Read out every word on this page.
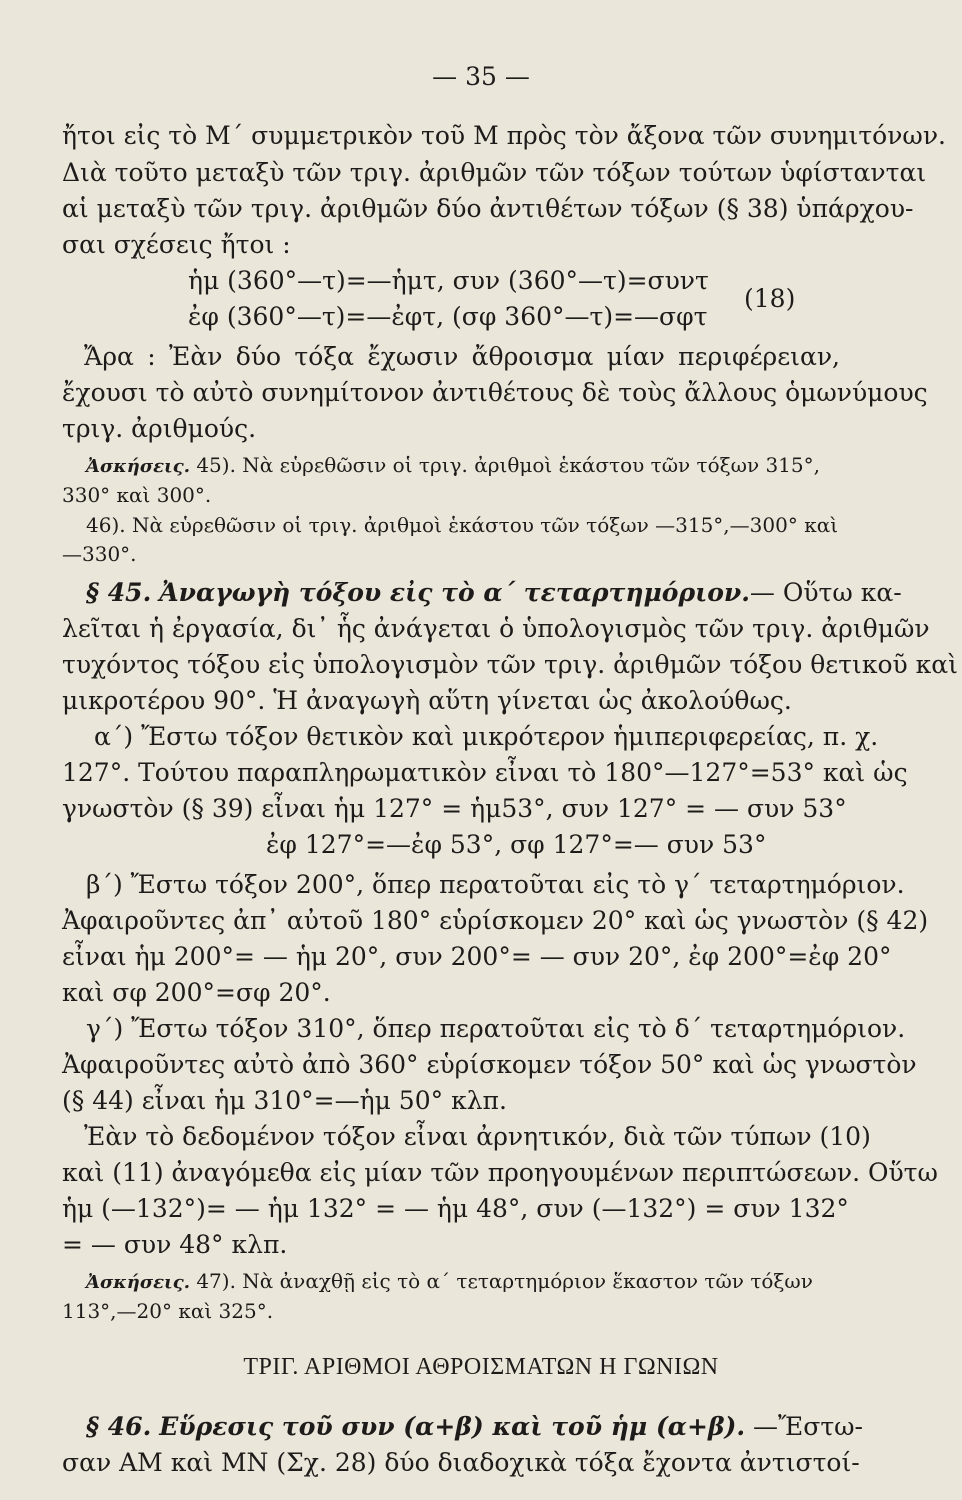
— 35 —
ἤτοι εἰς τὸ Μ΄ συμμετρικὸν τοῦ Μ πρὸς τὸν ἄξονα τῶν συνημιτόνων.
Διὰ τοῦτο μεταξὺ τῶν τριγ. ἀριθμῶν τῶν τόξων τούτων ὑφίστανται
αἱ μεταξὺ τῶν τριγ. ἀριθμῶν δύο ἀντιθέτων τόξων (§ 38) ὑπάρχου-
σαι σχέσεις ἤτοι :
ἡμ (360°—τ)=—ἡμτ, συν (360°—τ)=συντ
ἐφ (360°—τ)=—ἐφτ, (σφ 360°—τ)=—σφτ
(18)
Ἄρα : Ἐὰν δύο τόξα ἔχωσιν ἄθροισμα μίαν περιφέρειαν,
ἔχουσι τὸ αὐτὸ συνημίτονον ἀντιθέτους δὲ τοὺς ἄλλους ὁμωνύμους
τριγ. ἀριθμούς.
Ἀσκήσεις. 45). Νὰ εὑρεθῶσιν οἱ τριγ. ἀριθμοὶ ἑκάστου τῶν τόξων 315°,
330° καὶ 300°.
46). Νὰ εὑρεθῶσιν οἱ τριγ. ἀριθμοὶ ἑκάστου τῶν τόξων —315°,—300° καὶ
—330°.
§ 45. Ἀναγωγὴ τόξου εἰς τὸ α΄ τεταρτημόριον.— Οὕτω κα-
λεῖται ἡ ἐργασία, δι᾿ ἧς ἀνάγεται ὁ ὑπολογισμὸς τῶν τριγ. ἀριθμῶν
τυχόντος τόξου εἰς ὑπολογισμὸν τῶν τριγ. ἀριθμῶν τόξου θετικοῦ καὶ
μικροτέρου 90°. Ἡ ἀναγωγὴ αὕτη γίνεται ὡς ἀκολούθως.
α΄) Ἔστω τόξον θετικὸν καὶ μικρότερον ἡμιπεριφερείας, π. χ.
127°. Τούτου παραπληρωματικὸν εἶναι τὸ 180°—127°=53° καὶ ὡς
γνωστὸν (§ 39) εἶναι ἡμ 127° = ἡμ53°, συν 127° = — συν 53°
ἐφ 127°=—ἐφ 53°, σφ 127°=— συν 53°
β΄) Ἔστω τόξον 200°, ὅπερ περατοῦται εἰς τὸ γ΄ τεταρτημόριον.
Ἀφαιροῦντες ἀπ᾿ αὐτοῦ 180° εὑρίσκομεν 20° καὶ ὡς γνωστὸν (§ 42)
εἶναι ἡμ 200°= — ἡμ 20°, συν 200°= — συν 20°, ἐφ 200°=ἐφ 20°
καὶ σφ 200°=σφ 20°.
γ΄) Ἔστω τόξον 310°, ὅπερ περατοῦται εἰς τὸ δ΄ τεταρτημόριον.
Ἀφαιροῦντες αὐτὸ ἀπὸ 360° εὑρίσκομεν τόξον 50° καὶ ὡς γνωστὸν
(§ 44) εἶναι ἡμ 310°=—ἡμ 50° κλπ.
Ἐὰν τὸ δεδομένον τόξον εἶναι ἀρνητικόν, διὰ τῶν τύπων (10)
καὶ (11) ἀναγόμεθα εἰς μίαν τῶν προηγουμένων περιπτώσεων. Οὕτω
ἡμ (—132°)= — ἡμ 132° = — ἡμ 48°, συν (—132°) = συν 132°
= — συν 48° κλπ.
Ἀσκήσεις. 47). Νὰ ἀναχθῇ εἰς τὸ α΄ τεταρτημόριον ἕκαστον τῶν τόξων
113°,—20° καὶ 325°.
ΤΡΙΓ. ΑΡΙΘΜΟΙ ΑΘΡΟΙΣΜΑΤΩΝ Η ΓΩΝΙΩΝ
§ 46. Εὕρεσις τοῦ συν (α+β) καὶ τοῦ ἡμ (α+β). —Ἔστω-
σαν ΑΜ καὶ ΜΝ (Σχ. 28) δύο διαδοχικὰ τόξα ἔχοντα ἀντιστοί-
